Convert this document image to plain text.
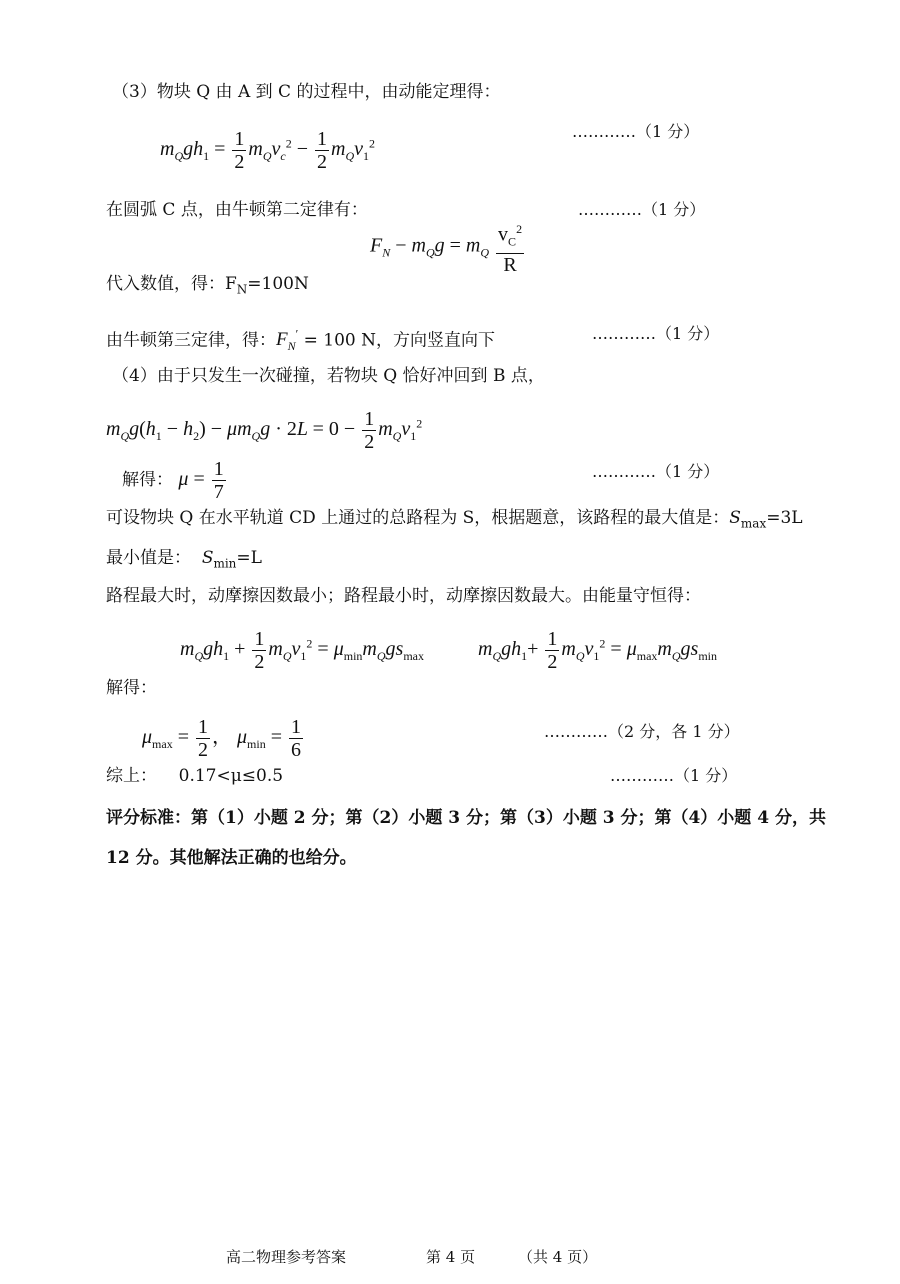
（3）物块 Q 由 A 到 C 的过程中，由动能定理得：
$m_Qgh_1 = \frac{1}{2} m_Qv_c^2 - \frac{1}{2} m_Qv_1^2$
…………（1 分）
在圆弧 C 点，由牛顿第二定律有：	…………（1 分）
$F_N - m_Qg = m_Q \frac{v_C^2}{R}$
代入数值，得：$F_N=100N$
由牛顿第三定律，得：$F_N' = 100$ N，方向竖直向下	…………（1 分）
（4）由于只发生一次碰撞，若物块 Q 恰好冲回到 B 点，
$m_Qg(h_1 - h_2) - \mu m_Qg \cdot 2L = 0 - \frac{1}{2} m_Qv_1^2$
解得： $\mu = \frac{1}{7}$	…………（1 分）
可设物块 Q 在水平轨道 CD 上通过的总路程为 S，根据题意，该路程的最大值是：$S_{max}=3L$
最小值是： $S_{min}=L$
路程最大时，动摩擦因数最小；路程最小时，动摩擦因数最大。由能量守恒得：
$m_Qgh_1 + \frac{1}{2} m_Qv_1^2 = \mu_{min}m_Qgs_{max}$	$m_Qgh_1+ \frac{1}{2} m_Qv_1^2 = \mu_{max}m_Qgs_{min}$
解得：
$\mu_{max} = \frac{1}{2}$ ， $\mu_{min} = \frac{1}{6}$	…………（2 分，各 1 分）
综上： 0.17<μ≤0.5	…………（1 分）
评分标准：第（1）小题 2 分；第（2）小题 3 分；第（3）小题 3 分；第（4）小题 4 分，共
12 分。其他解法正确的也给分。
高二物理参考答案	第 4 页	（共 4 页）
